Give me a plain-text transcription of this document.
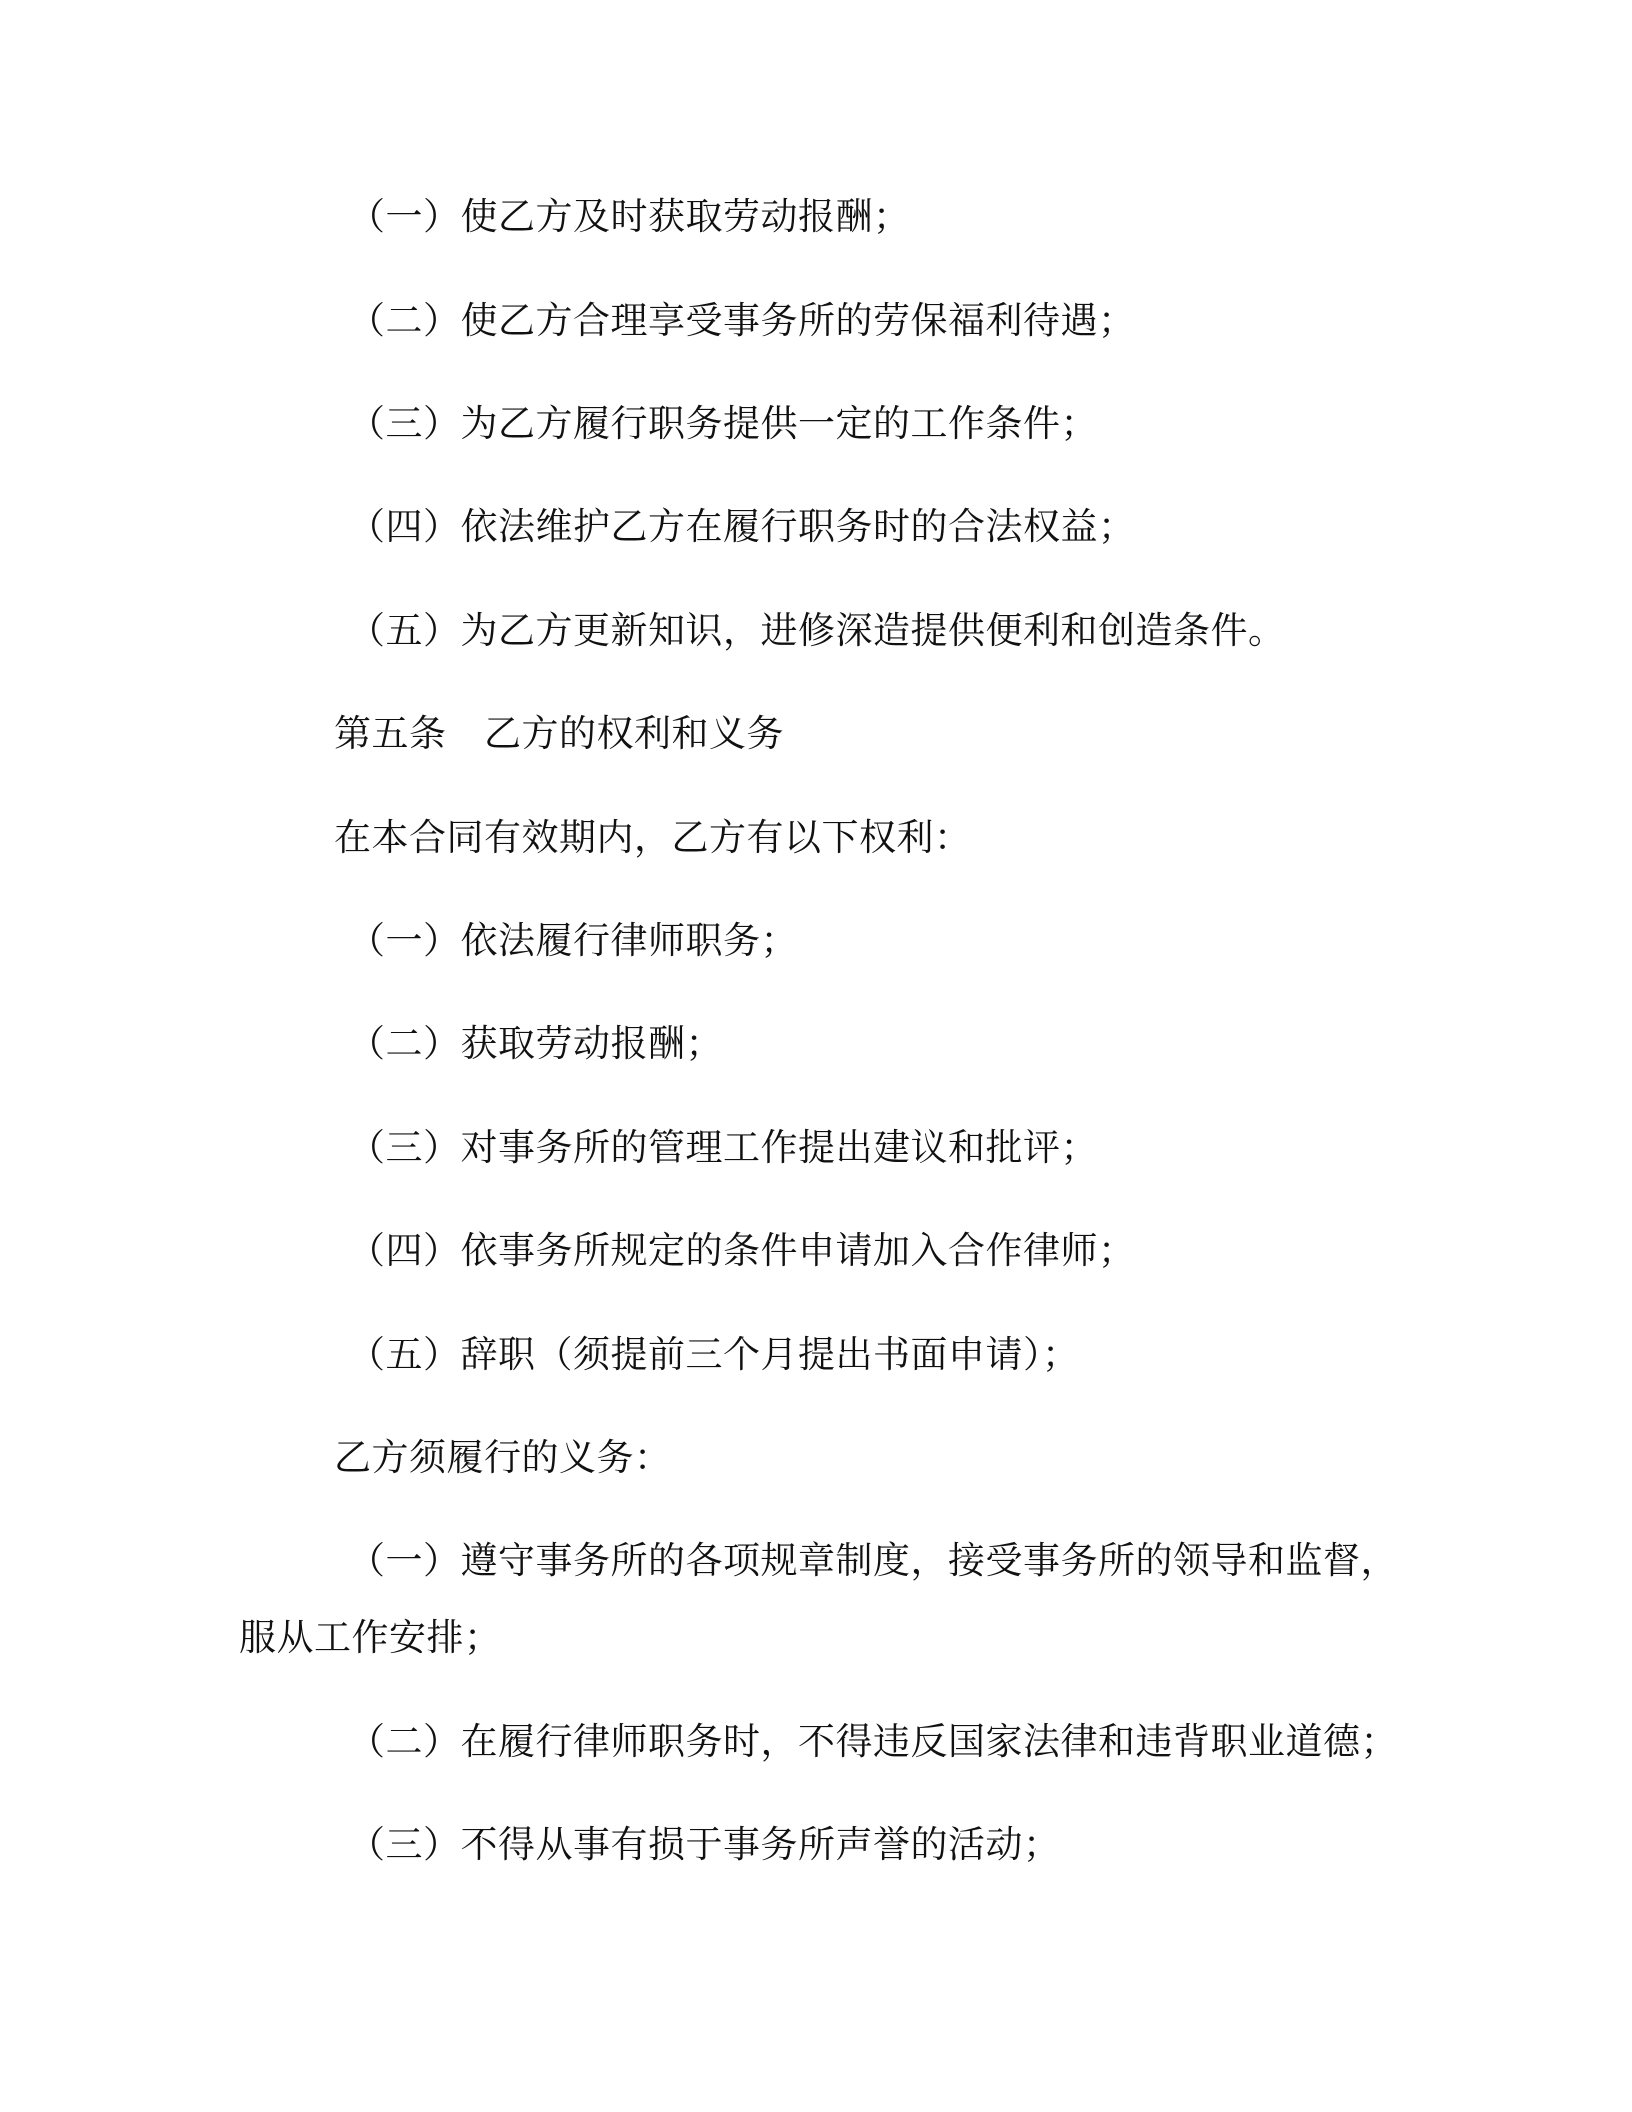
（一）使乙方及时获取劳动报酬；
（二）使乙方合理享受事务所的劳保福利待遇；
（三）为乙方履行职务提供一定的工作条件；
（四）依法维护乙方在履行职务时的合法权益；
（五）为乙方更新知识，进修深造提供便利和创造条件。
第五条　乙方的权利和义务
在本合同有效期内，乙方有以下权利：
（一）依法履行律师职务；
（二）获取劳动报酬；
（三）对事务所的管理工作提出建议和批评；
（四）依事务所规定的条件申请加入合作律师；
（五）辞职（须提前三个月提出书面申请）；
乙方须履行的义务：
（一）遵守事务所的各项规章制度，接受事务所的领导和监督，
服从工作安排；
（二）在履行律师职务时，不得违反国家法律和违背职业道德；
（三）不得从事有损于事务所声誉的活动；
